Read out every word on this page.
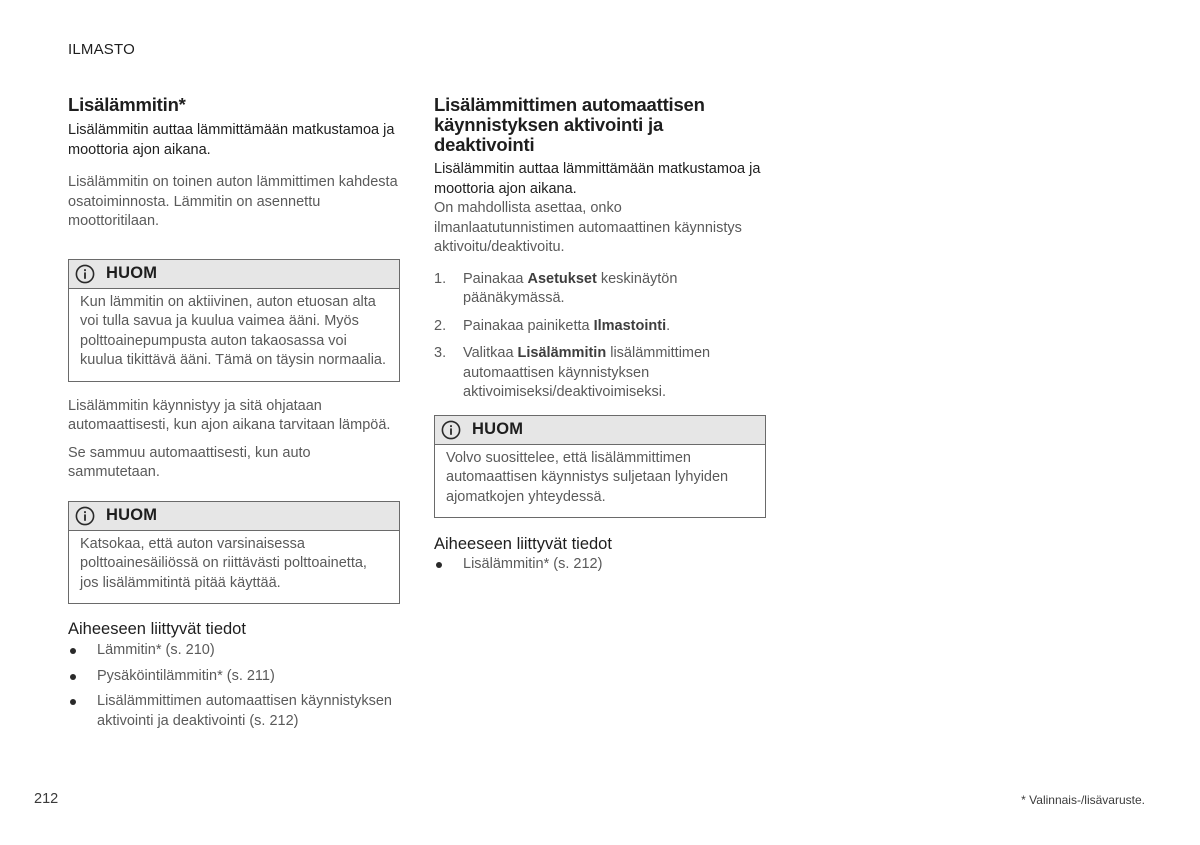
ILMASTO
Lisälämmitin*

Lisälämmitin auttaa lämmittämään matkustamoa ja moottoria ajon aikana.

Lisälämmitin on toinen auton lämmittimen kahdesta osatoiminnosta. Lämmitin on asennettu moottoritilaan.

HUOM
Kun lämmitin on aktiivinen, auton etuosan alta voi tulla savua ja kuulua vaimea ääni. Myös polttoainepumpusta auton takaosassa voi kuulua tikittävä ääni. Tämä on täysin normaalia.

Lisälämmitin käynnistyy ja sitä ohjataan automaattisesti, kun ajon aikana tarvitaan lämpöä.

Se sammuu automaattisesti, kun auto sammutetaan.

HUOM
Katsokaa, että auton varsinaisessa polttoainesäiliössä on riittävästi polttoainetta, jos lisälämmitintä pitää käyttää.
Aiheeseen liittyvät tiedot
Lämmitin* (s. 210)
Pysäköintilämmitin* (s. 211)
Lisälämmittimen automaattisen käynnistyksen aktivointi ja deaktivointi (s. 212)
Lisälämmittimen automaattisen käynnistyksen aktivointi ja deaktivointi

Lisälämmitin auttaa lämmittämään matkustamoa ja moottoria ajon aikana.

On mahdollista asettaa, onko ilmanlaatutunnistimen automaattinen käynnistys aktivoitu/deaktivoitu.

1.	Painakaa Asetukset keskinäytön päänäkymässä.
2.	Painakaa painiketta Ilmastointi.
3.	Valitkaa Lisälämmitin lisälämmittimen automaattisen käynnistyksen aktivoimiseksi/deaktivoimiseksi.
HUOM
Volvo suosittelee, että lisälämmittimen automaattisen käynnistys suljetaan lyhyiden ajomatkojen yhteydessä.
Aiheeseen liittyvät tiedot
Lisälämmitin* (s. 212)
212	* Valinnais-/lisävaruste.
